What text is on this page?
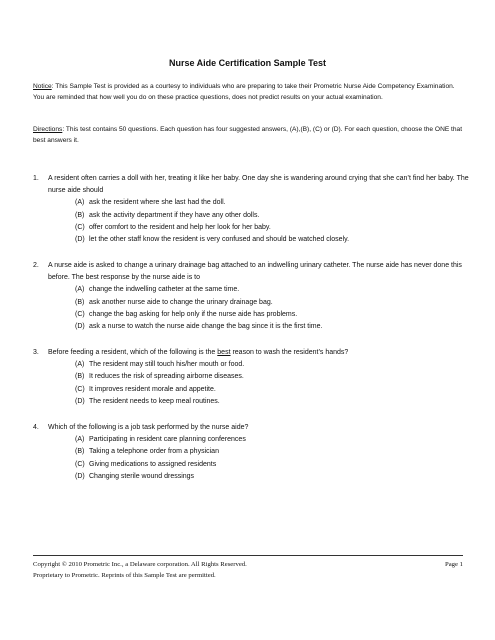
Nurse Aide Certification Sample Test
Notice: This Sample Test is provided as a courtesy to individuals who are preparing to take their Prometric Nurse Aide Competency Examination. You are reminded that how well you do on these practice questions, does not predict results on your actual examination.
Directions: This test contains 50 questions. Each question has four suggested answers, (A),(B), (C) or (D). For each question, choose the ONE that best answers it.
1.	A resident often carries a doll with her, treating it like her baby. One day she is wandering around crying that she can’t find her baby. The nurse aide should
(A) ask the resident where she last had the doll.
(B) ask the activity department if they have any other dolls.
(C) offer comfort to the resident and help her look for her baby.
(D) let the other staff know the resident is very confused and should be watched closely.
2.	A nurse aide is asked to change a urinary drainage bag attached to an indwelling urinary catheter. The nurse aide has never done this before. The best response by the nurse aide is to
(A) change the indwelling catheter at the same time.
(B) ask another nurse aide to change the urinary drainage bag.
(C) change the bag asking for help only if the nurse aide has problems.
(D) ask a nurse to watch the nurse aide change the bag since it is the first time.
3.	Before feeding a resident, which of the following is the best reason to wash the resident’s hands?
(A) The resident may still touch his/her mouth or food.
(B) It reduces the risk of spreading airborne diseases.
(C) It improves resident morale and appetite.
(D) The resident needs to keep meal routines.
4.	Which of the following is a job task performed by the nurse aide?
(A) Participating in resident care planning conferences
(B) Taking a telephone order from a physician
(C) Giving medications to assigned residents
(D) Changing sterile wound dressings
Copyright © 2010 Prometric Inc., a Delaware corporation. All Rights Reserved.	Page 1
Proprietary to Prometric. Reprints of this Sample Test are permitted.
